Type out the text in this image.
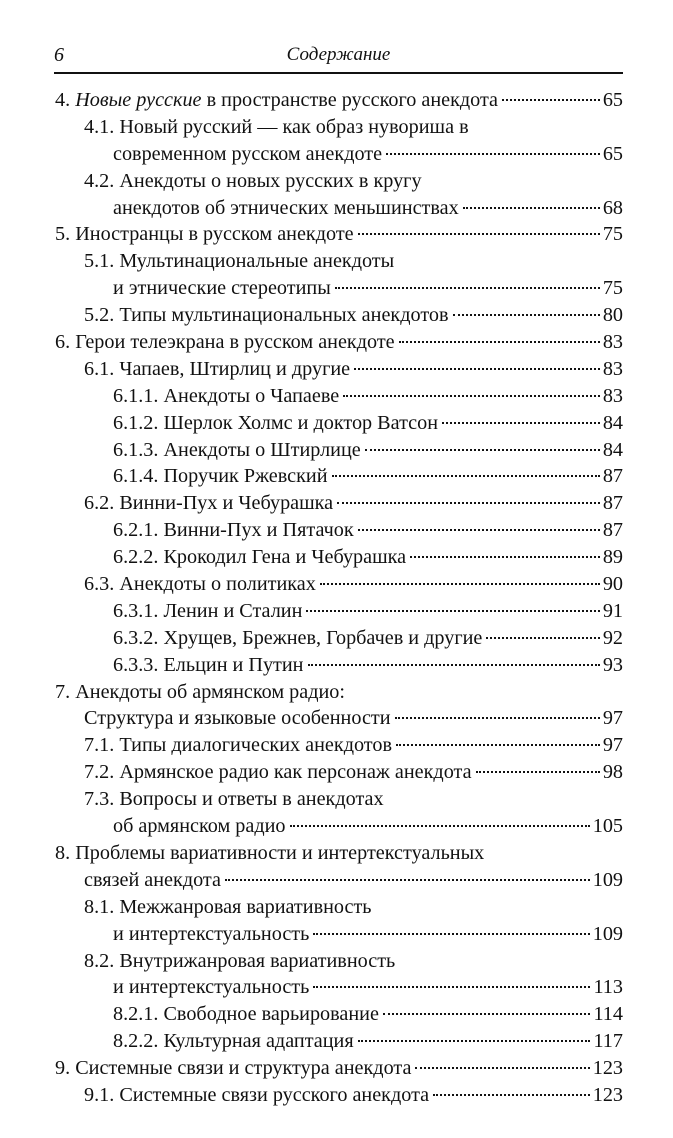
6	Содержание
4. Новые русские в пространстве русского анекдота	65
4.1. Новый русский — как образ нувориша в
современном русском анекдоте	65
4.2. Анекдоты о новых русских в кругу
анекдотов об этнических меньшинствах	68
5. Иностранцы в русском анекдоте	75
5.1. Мультинациональные анекдоты
и этнические стереотипы	75
5.2. Типы мультинациональных анекдотов	80
6. Герои телеэкрана в русском анекдоте	83
6.1. Чапаев, Штирлиц и другие	83
6.1.1. Анекдоты о Чапаеве	83
6.1.2. Шерлок Холмс и доктор Ватсон	84
6.1.3. Анекдоты о Штирлице	84
6.1.4. Поручик Ржевский	87
6.2. Винни-Пух и Чебурашка	87
6.2.1. Винни-Пух и Пятачок	87
6.2.2. Крокодил Гена и Чебурашка	89
6.3. Анекдоты о политиках	90
6.3.1. Ленин и Сталин	91
6.3.2. Хрущев, Брежнев, Горбачев и другие	92
6.3.3. Ельцин и Путин	93
7. Анекдоты об армянском радио:
Структура и языковые особенности	97
7.1. Типы диалогических анекдотов	97
7.2. Армянское радио как персонаж анекдота	98
7.3. Вопросы и ответы в анекдотах
об армянском радио	105
8. Проблемы вариативности и интертекстуальных
связей анекдота	109
8.1. Межжанровая вариативность
и интертекстуальность	109
8.2. Внутрижанровая вариативность
и интертекстуальность	113
8.2.1. Свободное варьирование	114
8.2.2. Культурная адаптация	117
9. Системные связи и структура анекдота	123
9.1. Системные связи русского анекдота	123
